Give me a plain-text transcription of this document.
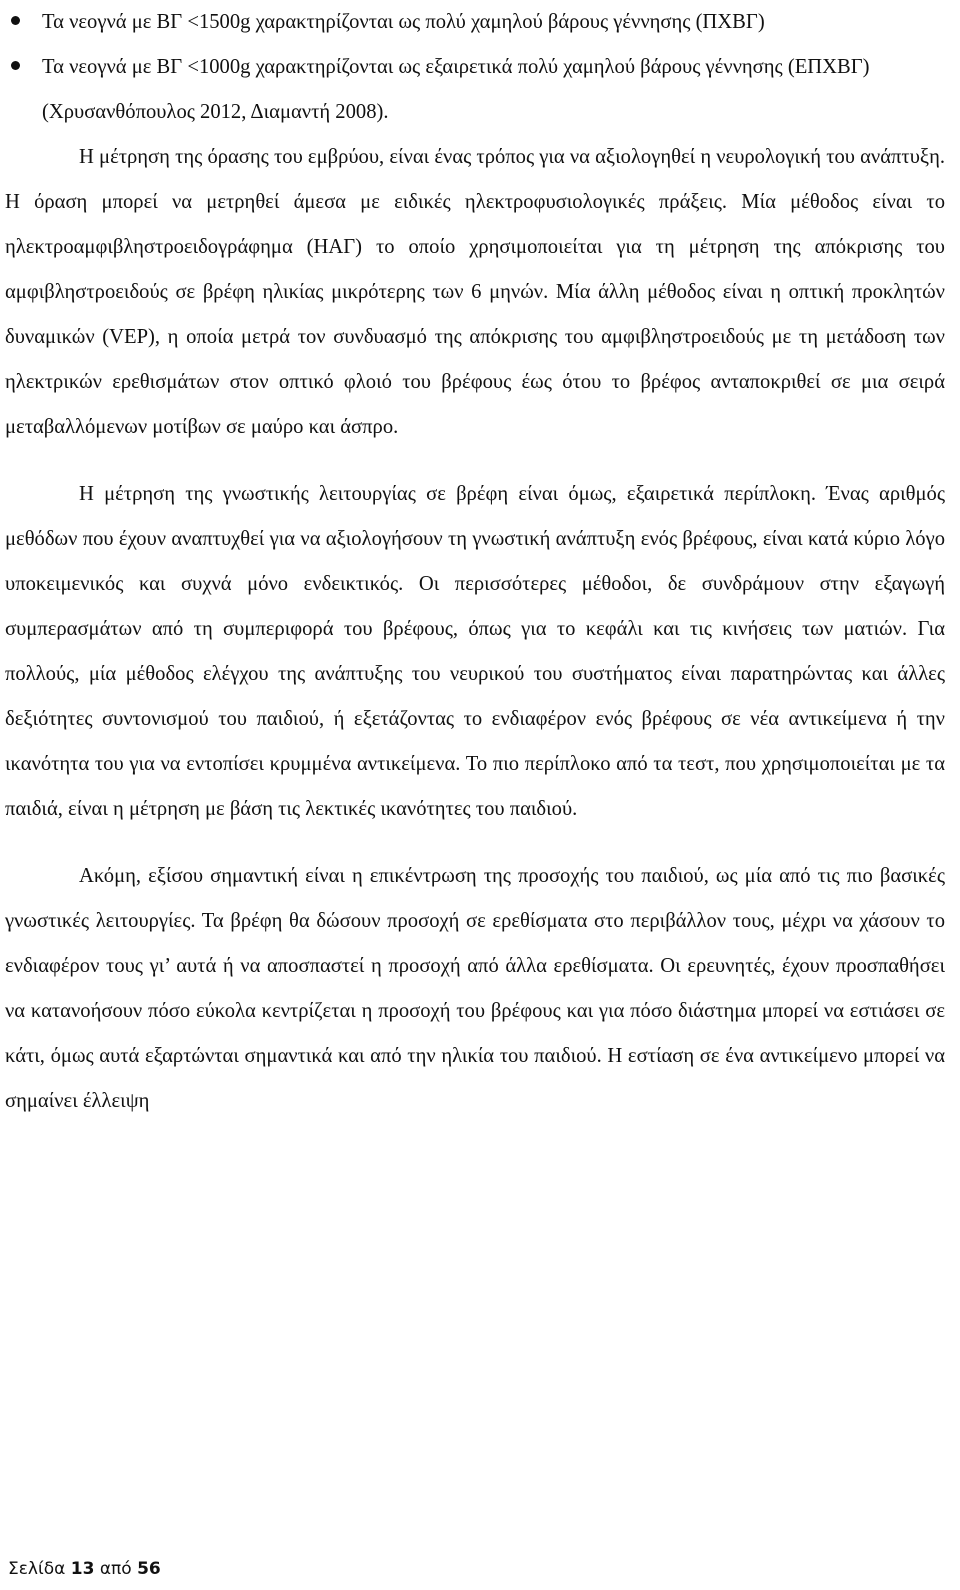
Τα νεογνά με ΒΓ <1500g χαρακτηρίζονται ως πολύ χαμηλού βάρους γέννησης (ΠΧΒΓ)
Τα νεογνά με ΒΓ <1000g χαρακτηρίζονται ως εξαιρετικά πολύ χαμηλού βάρους γέννησης (ΕΠΧΒΓ) (Χρυσανθόπουλος 2012, Διαμαντή 2008).

Η μέτρηση της όρασης του εμβρύου, είναι ένας τρόπος για να αξιολογηθεί η νευρολογική του ανάπτυξη. Η όραση μπορεί να μετρηθεί άμεσα με ειδικές ηλεκτροφυσιολογικές πράξεις. Μία μέθοδος είναι το ηλεκτροαμφιβληστροειδογράφημα (ΗΑΓ) το οποίο χρησιμοποιείται για τη μέτρηση της απόκρισης του αμφιβληστροειδούς σε βρέφη ηλικίας μικρότερης των 6 μηνών. Μία άλλη μέθοδος είναι η οπτική προκλητών δυναμικών (VEP), η οποία μετρά τον συνδυασμό της απόκρισης του αμφιβληστροειδούς με τη μετάδοση των ηλεκτρικών ερεθισμάτων στον οπτικό φλοιό του βρέφους έως ότου το βρέφος ανταποκριθεί σε μια σειρά μεταβαλλόμενων μοτίβων σε μαύρο και άσπρο.

Η μέτρηση της γνωστικής λειτουργίας σε βρέφη είναι όμως, εξαιρετικά περίπλοκη. Ένας αριθμός μεθόδων που έχουν αναπτυχθεί για να αξιολογήσουν τη γνωστική ανάπτυξη ενός βρέφους, είναι κατά κύριο λόγο υποκειμενικός και συχνά μόνο ενδεικτικός. Οι περισσότερες μέθοδοι, δε συνδράμουν στην εξαγωγή συμπερασμάτων από τη συμπεριφορά του βρέφους, όπως για το κεφάλι και τις κινήσεις των ματιών. Για πολλούς, μία μέθοδος ελέγχου της ανάπτυξης του νευρικού του συστήματος είναι παρατηρώντας και άλλες δεξιότητες συντονισμού του παιδιού, ή εξετάζοντας το ενδιαφέρον ενός βρέφους σε νέα αντικείμενα ή την ικανότητα του για να εντοπίσει κρυμμένα αντικείμενα. Το πιο περίπλοκο από τα τεστ, που χρησιμοποιείται με τα παιδιά, είναι η μέτρηση με βάση τις λεκτικές ικανότητες του παιδιού.

Ακόμη, εξίσου σημαντική είναι η επικέντρωση της προσοχής του παιδιού, ως μία από τις πιο βασικές γνωστικές λειτουργίες. Τα βρέφη θα δώσουν προσοχή σε ερεθίσματα στο περιβάλλον τους, μέχρι να χάσουν το ενδιαφέρον τους γι’ αυτά ή να αποσπαστεί η προσοχή από άλλα ερεθίσματα. Οι ερευνητές, έχουν προσπαθήσει να κατανοήσουν πόσο εύκολα κεντρίζεται η προσοχή του βρέφους και για πόσο διάστημα μπορεί να εστιάσει σε κάτι, όμως αυτά εξαρτώνται σημαντικά και από την ηλικία του παιδιού. Η εστίαση σε ένα αντικείμενο μπορεί να σημαίνει έλλειψη

Σελίδα 13 από 56
